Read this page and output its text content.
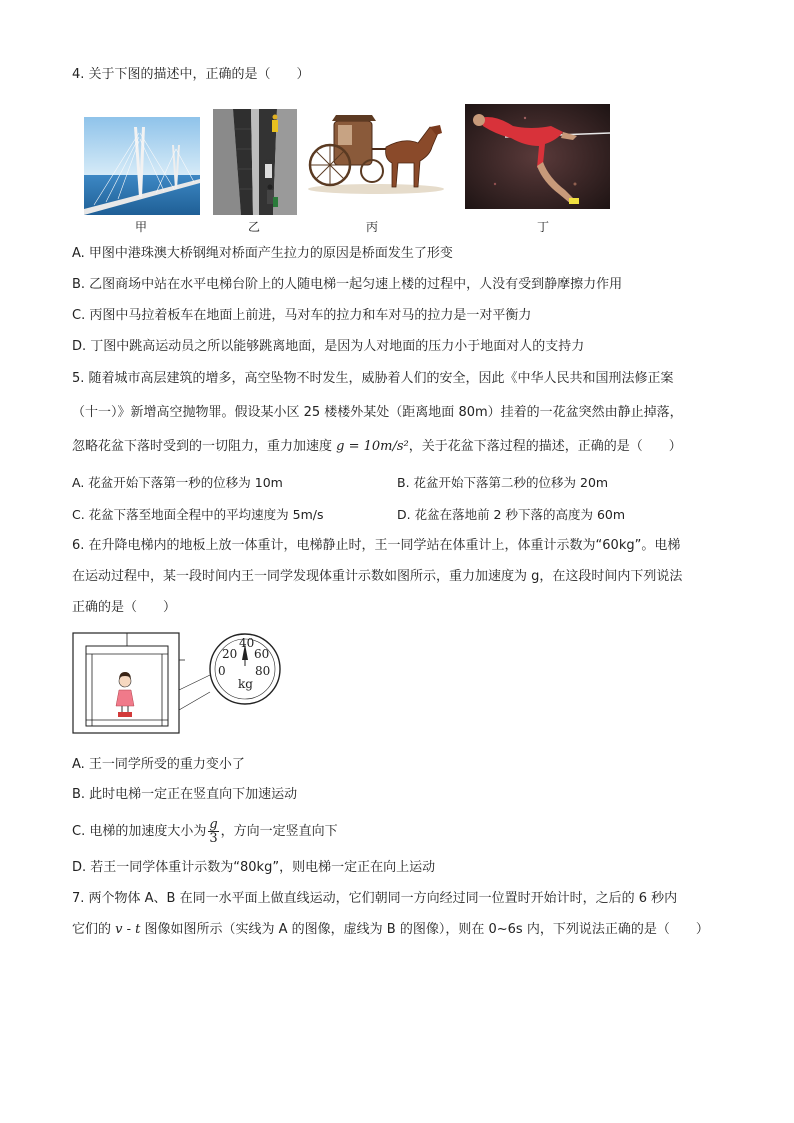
4. 关于下图的描述中，正确的是（　　）
甲	乙	丙	丁
A. 甲图中港珠澳大桥钢绳对桥面产生拉力的原因是桥面发生了形变
B. 乙图商场中站在水平电梯台阶上的人随电梯一起匀速上楼的过程中，人没有受到静摩擦力作用
C. 丙图中马拉着板车在地面上前进，马对车的拉力和车对马的拉力是一对平衡力
D. 丁图中跳高运动员之所以能够跳离地面，是因为人对地面的压力小于地面对人的支持力
5. 随着城市高层建筑的增多，高空坠物不时发生，威胁着人们的安全，因此《中华人民共和国刑法修正案
（十一）》新增高空抛物罪。假设某小区 25 楼楼外某处（距离地面 80m）挂着的一花盆突然由静止掉落，
忽略花盆下落时受到的一切阻力，重力加速度 g = 10m/s²，关于花盆下落过程的描述，正确的是（　　）
A. 花盆开始下落第一秒的位移为 10m	B. 花盆开始下落第二秒的位移为 20m
C. 花盆下落至地面全程中的平均速度为 5m/s	D. 花盆在落地前 2 秒下落的高度为 60m
6. 在升降电梯内的地板上放一体重计，电梯静止时，王一同学站在体重计上，体重计示数为“60kg”。电梯
在运动过程中，某一段时间内王一同学发现体重计示数如图所示，重力加速度为 g，在这段时间内下列说法
正确的是（　　）
40
20 60
0 80
kg
A. 王一同学所受的重力变小了
B. 此时电梯一定正在竖直向下加速运动
C. 电梯的加速度大小为 $\frac{g}{3}$ ，方向一定竖直向下
D. 若王一同学体重计示数为“80kg”，则电梯一定正在向上运动
7. 两个物体 A、B 在同一水平面上做直线运动，它们朝同一方向经过同一位置时开始计时，之后的 6 秒内
它们的 v - t 图像如图所示（实线为 A 的图像，虚线为 B 的图像），则在 0~6s 内，下列说法正确的是（　　）
